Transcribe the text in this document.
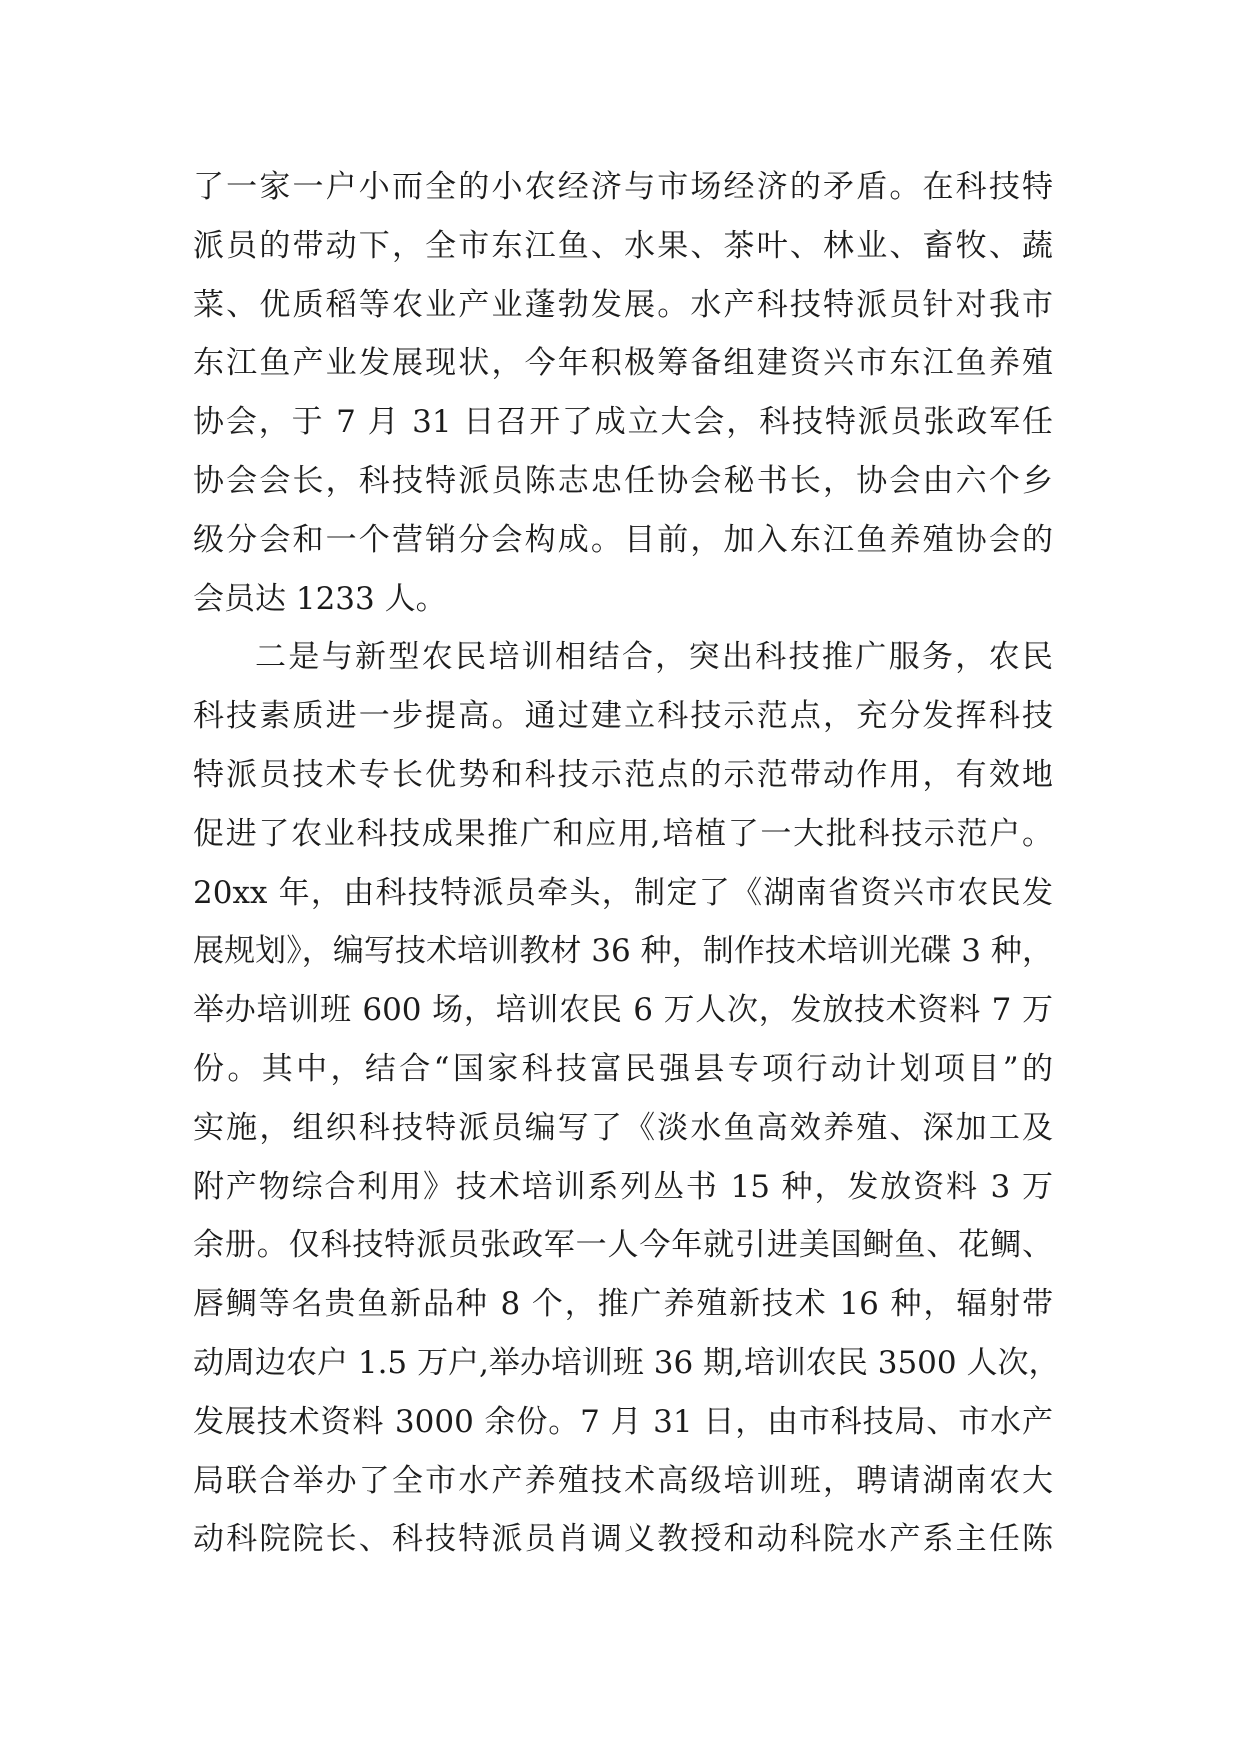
了一家一户小而全的小农经济与市场经济的矛盾。在科技特
派员的带动下，全市东江鱼、水果、茶叶、林业、畜牧、蔬
菜、优质稻等农业产业蓬勃发展。水产科技特派员针对我市
东江鱼产业发展现状，今年积极筹备组建资兴市东江鱼养殖
协会，于 7 月 31 日召开了成立大会，科技特派员张政军任
协会会长，科技特派员陈志忠任协会秘书长，协会由六个乡
级分会和一个营销分会构成。目前，加入东江鱼养殖协会的
会员达 1233 人。
二是与新型农民培训相结合，突出科技推广服务，农民
科技素质进一步提高。通过建立科技示范点，充分发挥科技
特派员技术专长优势和科技示范点的示范带动作用，有效地
促进了农业科技成果推广和应用,培植了一大批科技示范户。
20xx 年，由科技特派员牵头，制定了《湖南省资兴市农民发
展规划》，编写技术培训教材 36 种，制作技术培训光碟 3 种，
举办培训班 600 场，培训农民 6 万人次，发放技术资料 7 万
份。其中，结合“国家科技富民强县专项行动计划项目”的
实施，组织科技特派员编写了《淡水鱼高效养殖、深加工及
附产物综合利用》技术培训系列丛书 15 种，发放资料 3 万
余册。仅科技特派员张政军一人今年就引进美国鲥鱼、花鲷、
唇鲷等名贵鱼新品种 8 个，推广养殖新技术 16 种，辐射带
动周边农户 1.5 万户,举办培训班 36 期,培训农民 3500 人次，
发展技术资料 3000 余份。7 月 31 日，由市科技局、市水产
局联合举办了全市水产养殖技术高级培训班，聘请湖南农大
动科院院长、科技特派员肖调义教授和动科院水产系主任陈
